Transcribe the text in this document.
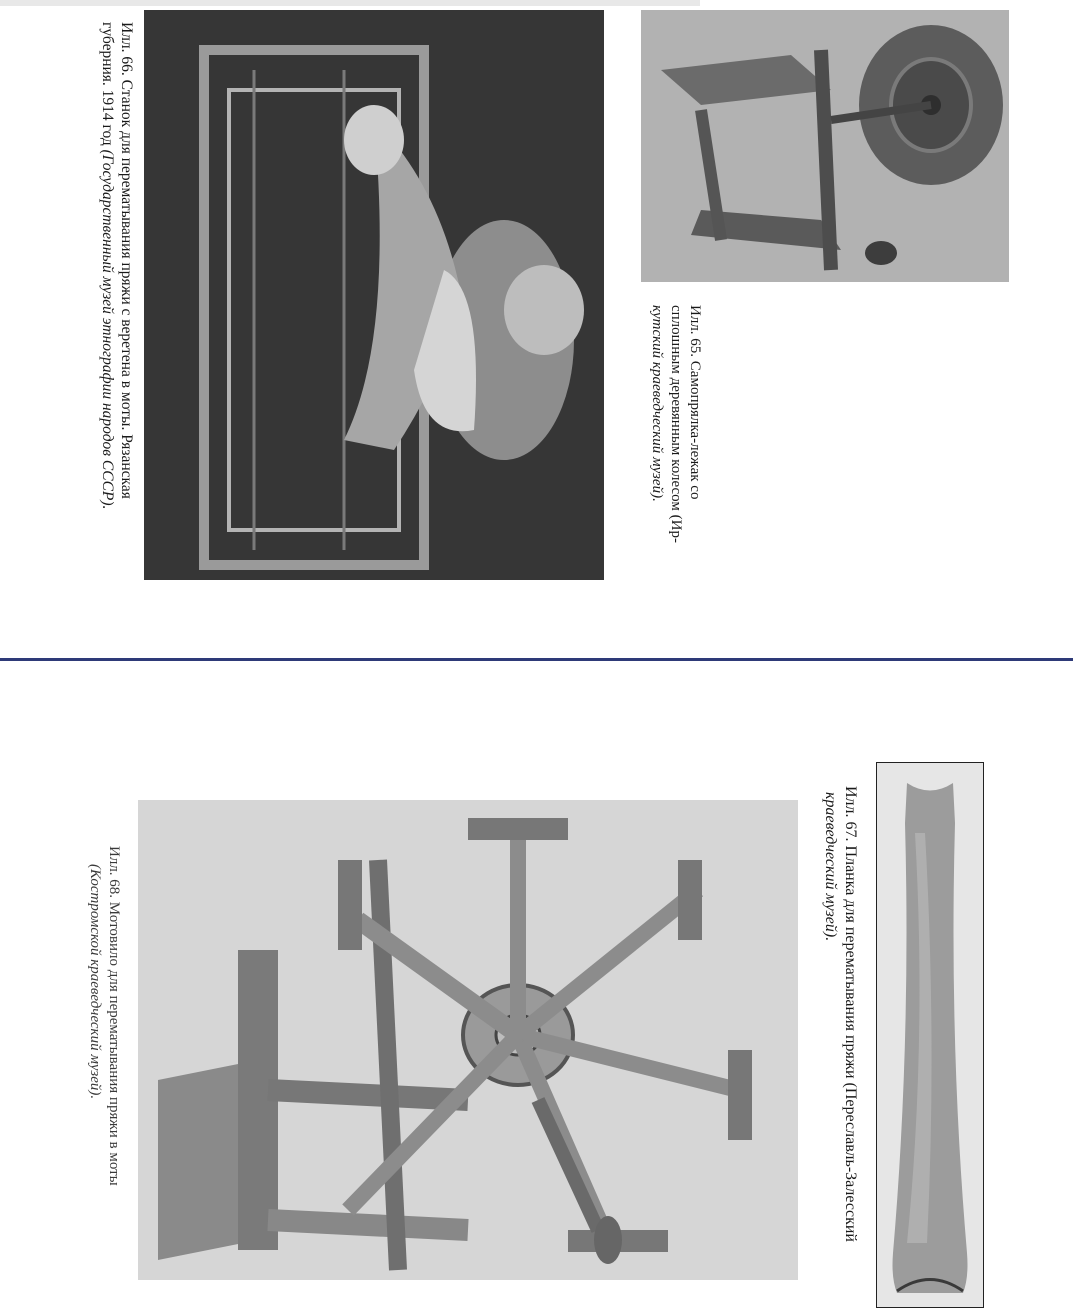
Илл. 66. Станок для перематывания пряжи с веретена в моты. Рязанская
губерния. 1914 год (Государственный музей этнографии народов СССР).	Илл. 65. Самопрялка-лежак со
сплошным деревянным колесом (Ир-
кутский краеведческий музей).
Илл. 67. Планка для перематывания пряжи (Переславль-Залесский
краеведческий музей).
Илл. 68. Мотовило для перематывания пряжи в моты
(Костромской краеведческий музей).
